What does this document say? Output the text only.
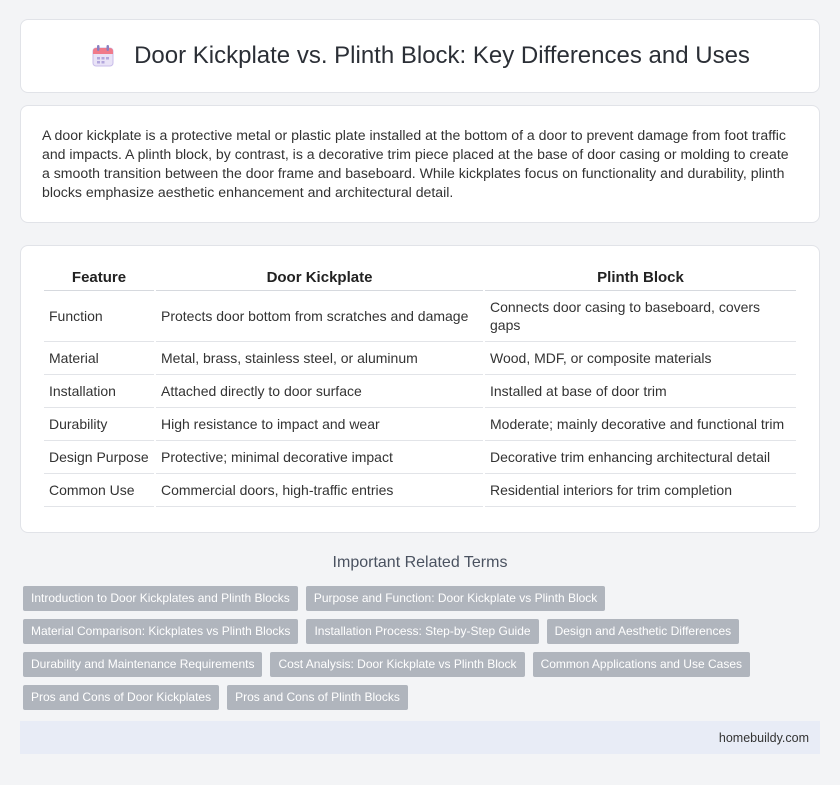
Door Kickplate vs. Plinth Block: Key Differences and Uses

A door kickplate is a protective metal or plastic plate installed at the bottom of a door to prevent damage from foot traffic and impacts. A plinth block, by contrast, is a decorative trim piece placed at the base of door casing or molding to create a smooth transition between the door frame and baseboard. While kickplates focus on functionality and durability, plinth blocks emphasize aesthetic enhancement and architectural detail.

Feature	Door Kickplate	Plinth Block
Function	Protects door bottom from scratches and damage	Connects door casing to baseboard, covers gaps
Material	Metal, brass, stainless steel, or aluminum	Wood, MDF, or composite materials
Installation	Attached directly to door surface	Installed at base of door trim
Durability	High resistance to impact and wear	Moderate; mainly decorative and functional trim
Design Purpose	Protective; minimal decorative impact	Decorative trim enhancing architectural detail
Common Use	Commercial doors, high-traffic entries	Residential interiors for trim completion
Important Related Terms
Introduction to Door Kickplates and Plinth Blocks	Purpose and Function: Door Kickplate vs Plinth Block
Material Comparison: Kickplates vs Plinth Blocks	Installation Process: Step-by-Step Guide	Design and Aesthetic Differences
Durability and Maintenance Requirements	Cost Analysis: Door Kickplate vs Plinth Block	Common Applications and Use Cases
Pros and Cons of Door Kickplates	Pros and Cons of Plinth Blocks
homebuildy.com
